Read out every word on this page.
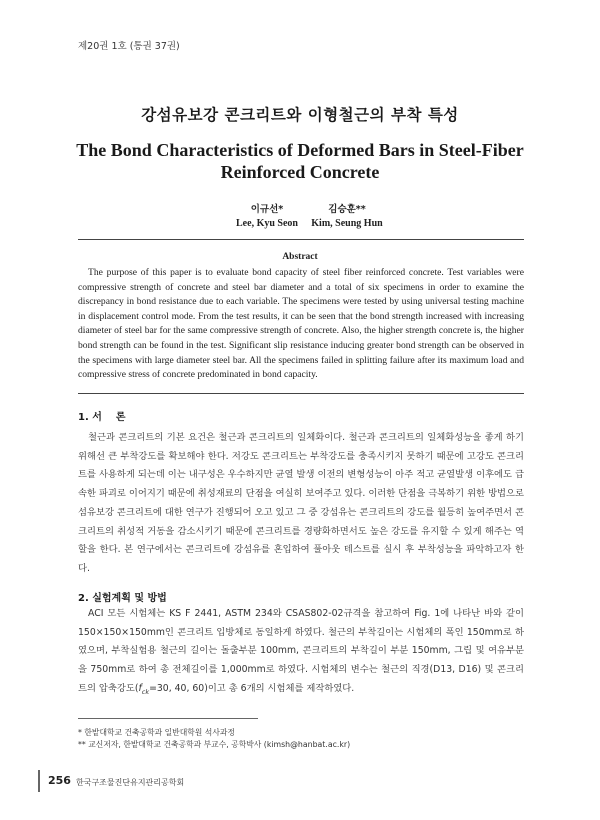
제20권 1호 (통권 37권)
강섬유보강 콘크리트와 이형철근의 부착 특성
The Bond Characteristics of Deformed Bars in Steel-Fiber Reinforced Concrete
이규선*
Lee, Kyu Seon
김승훈**
Kim, Seung Hun
Abstract
The purpose of this paper is to evaluate bond capacity of steel fiber reinforced concrete. Test variables were compressive strength of concrete and steel bar diameter and a total of six specimens in order to examine the discrepancy in bond resistance due to each variable. The specimens were tested by using universal testing machine in displacement control mode. From the test results, it can be seen that the bond strength increased with increasing diameter of steel bar for the same compressive strength of concrete. Also, the higher strength concrete is, the higher bond strength can be found in the test. Significant slip resistance inducing greater bond strength can be observed in the specimens with large diameter steel bar. All the specimens failed in splitting failure after its maximum load and compressive stress of concrete predominated in bond capacity.
1. 서    론
철근과 콘크리트의 기본 요건은 철근과 콘크리트의 일체화이다. 철근과 콘크리트의 일체화성능을 좋게 하기 위해선 큰 부착강도를 확보해야 한다. 저강도 콘크리트는 부착강도를 충족시키지 못하기 때문에 고강도 콘크리트를 사용하게 되는데 이는 내구성은 우수하지만 균열 발생 이전의 변형성능이 아주 적고 균열발생 이후에도 급속한 파괴로 이어지기 때문에 취성재료의 단점을 여실히 보여주고 있다. 이러한 단점을 극복하기 위한 방법으로 섬유보강 콘크리트에 대한 연구가 진행되어 오고 있고 그 중 강섬유는 콘크리트의 강도를 월등히 높여주면서 콘크리트의 취성적 거동을 감소시키기 때문에 콘크리트를 경량화하면서도 높은 강도를 유지할 수 있게 해주는 역할을 한다. 본 연구에서는 콘크리트에 강섬유를 혼입하여 풀아웃 테스트를 실시 후 부착성능을 파악하고자 한다.
2. 실험계획 및 방법
ACI 모든 시험체는 KS F 2441, ASTM 234와 CSAS802-02규격을 참고하여 Fig. 1에 나타난 바와 같이 150×150×150mm인 콘크리트 입방체로 동일하게 하였다. 철근의 부착길이는 시험체의 폭인 150mm로 하였으며, 부착실험용 철근의 길이는 돌출부분 100mm, 콘크리트의 부착길이 부분 150mm, 그립 및 여유부분을 750mm로 하여 총 전체길이를 1,000mm로 하였다. 시험체의 변수는 철근의 직경(D13, D16) 및 콘크리트의 압축강도($f_{ck}=30$, 40, 60)이고 총 6개의 시험체를 제작하였다.
* 한밭대학교 건축공학과 일반대학원 석사과정
** 교신저자, 한밭대학교 건축공학과 부교수, 공학박사 (kimsh@hanbat.ac.kr)
256 한국구조물진단유지관리공학회
